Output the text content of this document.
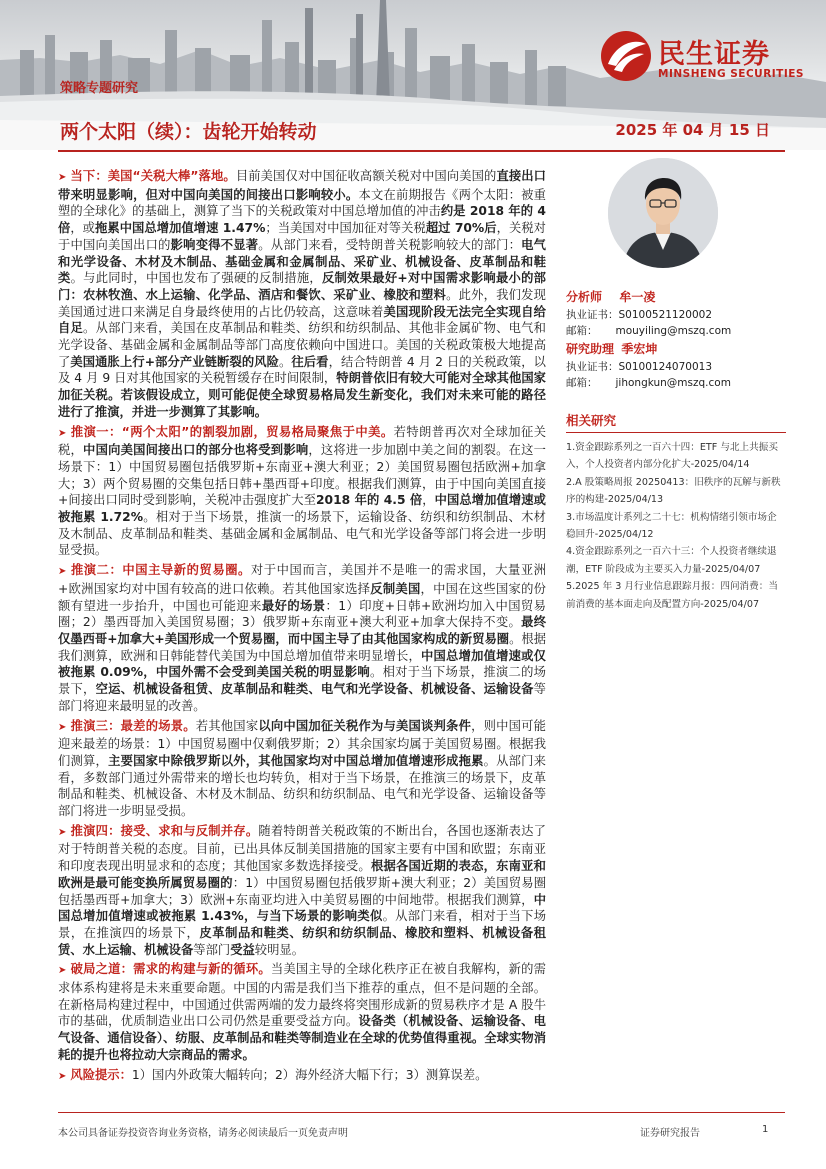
民生证券
MINSHENG SECURITIES
策略专题研究
两个太阳（续）：齿轮开始转动	2025 年 04 月 15 日

➤ 当下：美国“关税大棒”落地。目前美国仅对中国征收高额关税对中国向美国的直接出口带来明显影响，但对中国向美国的间接出口影响较小。本文在前期报告《两个太阳：被重塑的全球化》的基础上，测算了当下的关税政策对中国总增加值的冲击约是 2018 年的 4 倍，或拖累中国总增加值增速 1.47%；当美国对中国加征对等关税超过 70%后，关税对于中国向美国出口的影响变得不显著。从部门来看，受特朗普关税影响较大的部门：电气和光学设备、木材及木制品、基础金属和金属制品、采矿业、机械设备、皮革制品和鞋类。与此同时，中国也发布了强硬的反制措施，反制效果最好+对中国需求影响最小的部门：农林牧渔、水上运输、化学品、酒店和餐饮、采矿业、橡胶和塑料。此外，我们发现美国通过进口来满足自身最终使用的占比仍较高，这意味着美国现阶段无法完全实现自给自足。从部门来看，美国在皮革制品和鞋类、纺织和纺织制品、其他非金属矿物、电气和光学设备、基础金属和金属制品等部门高度依赖向中国进口。美国的关税政策极大地提高了美国通胀上行+部分产业链断裂的风险。往后看，结合特朗普 4 月 2 日的关税政策，以及 4 月 9 日对其他国家的关税暂缓存在时间限制，特朗普依旧有较大可能对全球其他国家加征关税。若该假设成立，则可能促使全球贸易格局发生新变化，我们对未来可能的路径进行了推演，并进一步测算了其影响。

➤ 推演一：“两个太阳”的割裂加剧，贸易格局聚焦于中美。若特朗普再次对全球加征关税，中国向美国间接出口的部分也将受到影响，这将进一步加剧中美之间的割裂。在这一场景下：1）中国贸易圈包括俄罗斯+东南亚+澳大利亚；2）美国贸易圈包括欧洲+加拿大；3）两个贸易圈的交集包括日韩+墨西哥+印度。根据我们测算，由于中国向美国直接+间接出口同时受到影响，关税冲击强度扩大至2018 年的 4.5 倍，中国总增加值增速或被拖累 1.72%。相对于当下场景，推演一的场景下，运输设备、纺织和纺织制品、木材及木制品、皮革制品和鞋类、基础金属和金属制品、电气和光学设备等部门将会进一步明显受损。

➤ 推演二：中国主导新的贸易圈。对于中国而言，美国并不是唯一的需求国，大量亚洲+欧洲国家均对中国有较高的进口依赖。若其他国家选择反制美国，中国在这些国家的份额有望进一步抬升，中国也可能迎来最好的场景：1）印度+日韩+欧洲均加入中国贸易圈；2）墨西哥加入美国贸易圈；3）俄罗斯+东南亚+澳大利亚+加拿大保持不变。最终仅墨西哥+加拿大+美国形成一个贸易圈，而中国主导了由其他国家构成的新贸易圈。根据我们测算，欧洲和日韩能替代美国为中国总增加值带来明显增长，中国总增加值增速或仅被拖累 0.09%，中国外需不会受到美国关税的明显影响。相对于当下场景，推演二的场景下，空运、机械设备租赁、皮革制品和鞋类、电气和光学设备、机械设备、运输设备等部门将迎来最明显的改善。

➤ 推演三：最差的场景。若其他国家以向中国加征关税作为与美国谈判条件，则中国可能迎来最差的场景：1）中国贸易圈中仅剩俄罗斯；2）其余国家均属于美国贸易圈。根据我们测算，主要国家中除俄罗斯以外，其他国家均对中国总增加值增速形成拖累。从部门来看，多数部门通过外需带来的增长也均转负，相对于当下场景，在推演三的场景下，皮革制品和鞋类、机械设备、木材及木制品、纺织和纺织制品、电气和光学设备、运输设备等部门将进一步明显受损。

➤ 推演四：接受、求和与反制并存。随着特朗普关税政策的不断出台，各国也逐渐表达了对于特朗普关税的态度。目前，已出具体反制美国措施的国家主要有中国和欧盟；东南亚和印度表现出明显求和的态度；其他国家多数选择接受。根据各国近期的表态，东南亚和欧洲是最可能变换所属贸易圈的：1）中国贸易圈包括俄罗斯+澳大利亚；2）美国贸易圈包括墨西哥+加拿大；3）欧洲+东南亚均进入中美贸易圈的中间地带。根据我们测算，中国总增加值增速或被拖累 1.43%，与当下场景的影响类似。从部门来看，相对于当下场景，在推演四的场景下，皮革制品和鞋类、纺织和纺织制品、橡胶和塑料、机械设备租赁、水上运输、机械设备等部门受益较明显。

➤ 破局之道：需求的构建与新的循环。当美国主导的全球化秩序正在被自我解构，新的需求体系构建将是未来重要命题。中国的内需是我们当下推荐的重点，但不是问题的全部。在新格局构建过程中，中国通过供需两端的发力最终将突围形成新的贸易秩序才是 A 股牛市的基础，优质制造业出口公司仍然是重要受益方向。设备类（机械设备、运输设备、电气设备、通信设备）、纺服、皮革制品和鞋类等制造业在全球的优势值得重视。全球实物消耗的提升也将拉动大宗商品的需求。

➤ 风险提示：1）国内外政策大幅转向；2）海外经济大幅下行；3）测算误差。

分析师 牟一凌
执业证书：S0100521120002
邮箱： mouyiling@mszq.com
研究助理 季宏坤
执业证书：S0100124070013
邮箱： jihongkun@mszq.com
相关研究

1.资金跟踪系列之一百六十四：ETF 与北上共振买入，个人投资者内部分化扩大-2025/04/14

2.A 股策略周报 20250413：旧秩序的瓦解与新秩序的构建-2025/04/13

3.市场温度计系列之二十七：机构情绪引领市场企稳回升-2025/04/12

4.资金跟踪系列之一百六十三：个人投资者继续退潮，ETF 阶段成为主要买入力量-2025/04/07

5.2025 年 3 月行业信息跟踪月报：四问消费：当前消费的基本面走向及配置方向-2025/04/07

本公司具备证券投资咨询业务资格，请务必阅读最后一页免责声明	证券研究报告	1
